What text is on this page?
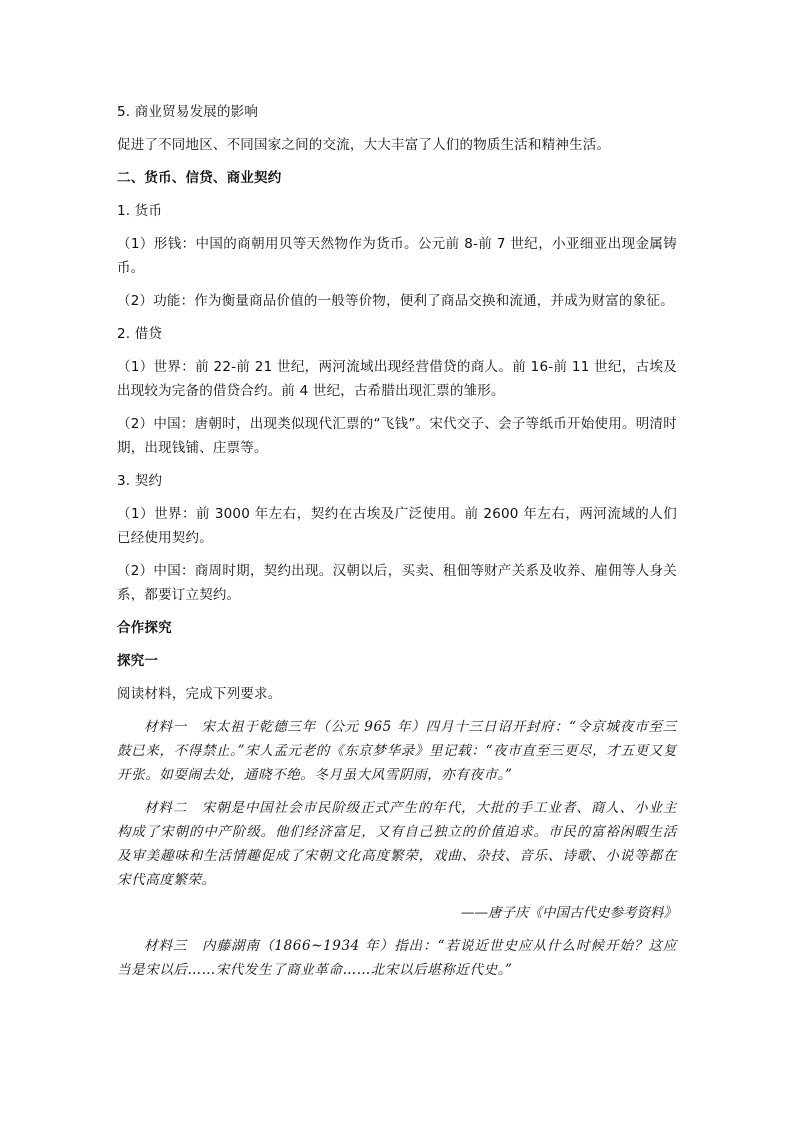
5. 商业贸易发展的影响
促进了不同地区、不同国家之间的交流，大大丰富了人们的物质生活和精神生活。
二、货币、信贷、商业契约
1. 货币
（1）形钱：中国的商朝用贝等天然物作为货币。公元前 8-前 7 世纪，小亚细亚出现金属铸币。
（2）功能：作为衡量商品价值的一般等价物，便利了商品交换和流通，并成为财富的象征。
2. 借贷
（1）世界：前 22-前 21 世纪，两河流域出现经营借贷的商人。前 16-前 11 世纪，古埃及出现较为完备的借贷合约。前 4 世纪，古希腊出现汇票的雏形。
（2）中国：唐朝时，出现类似现代汇票的“飞钱”。宋代交子、会子等纸币开始使用。明清时期，出现钱铺、庄票等。
3. 契约
（1）世界：前 3000 年左右，契约在古埃及广泛使用。前 2600 年左右，两河流域的人们已经使用契约。
（2）中国：商周时期，契约出现。汉朝以后，买卖、租佃等财产关系及收养、雇佣等人身关系，都要订立契约。
合作探究
探究一
阅读材料，完成下列要求。
材料一　宋太祖于乾德三年（公元 965 年）四月十三日诏开封府：“令京城夜市至三鼓已来，不得禁止。”宋人孟元老的《东京梦华录》里记载：“夜市直至三更尽，才五更又复开张。如耍闹去处，通晓不绝。冬月虽大风雪阴雨，亦有夜市。”
材料二　宋朝是中国社会市民阶级正式产生的年代，大批的手工业者、商人、小业主构成了宋朝的中产阶级。他们经济富足，又有自己独立的价值追求。市民的富裕闲暇生活及审美趣味和生活情趣促成了宋朝文化高度繁荣，戏曲、杂技、音乐、诗歌、小说等都在宋代高度繁荣。
——唐子庆《中国古代史参考资料》
材料三　内藤湖南（1866~1934 年）指出：“若说近世史应从什么时候开始？这应当是宋以后……宋代发生了商业革命……北宋以后堪称近代史。”
